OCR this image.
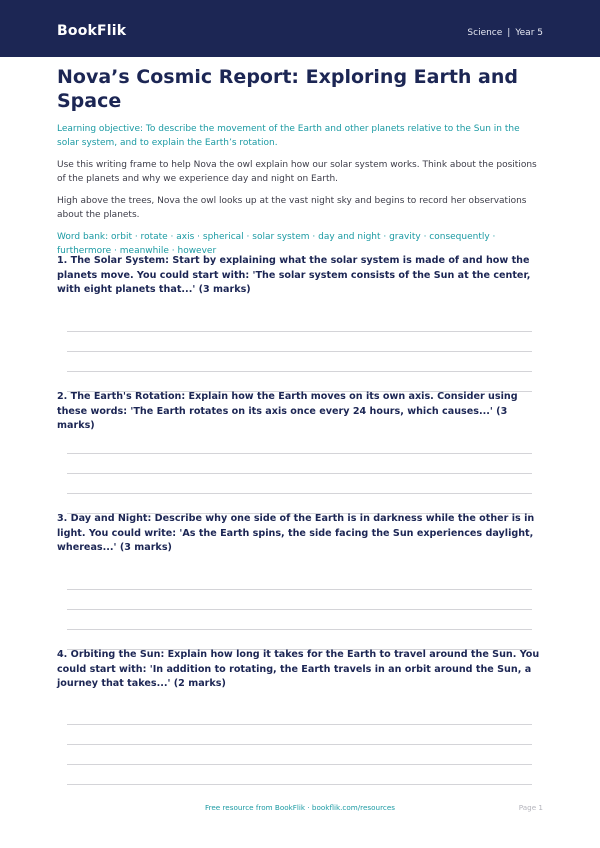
BookFlik	Science | Year 5
Nova’s Cosmic Report: Exploring Earth and Space

Learning objective: To describe the movement of the Earth and other planets relative to the Sun in the solar system, and to explain the Earth’s rotation.

Use this writing frame to help Nova the owl explain how our solar system works. Think about the positions of the planets and why we experience day and night on Earth.

High above the trees, Nova the owl looks up at the vast night sky and begins to record her observations about the planets.

Word bank: orbit · rotate · axis · spherical · solar system · day and night · gravity · consequently · furthermore · meanwhile · however

1. The Solar System: Start by explaining what the solar system is made of and how the planets move. You could start with: 'The solar system consists of the Sun at the center, with eight planets that...' (3 marks)

2. The Earth's Rotation: Explain how the Earth moves on its own axis. Consider using these words: 'The Earth rotates on its axis once every 24 hours, which causes...' (3 marks)

3. Day and Night: Describe why one side of the Earth is in darkness while the other is in light. You could write: 'As the Earth spins, the side facing the Sun experiences daylight, whereas...' (3 marks)

4. Orbiting the Sun: Explain how long it takes for the Earth to travel around the Sun. You could start with: 'In addition to rotating, the Earth travels in an orbit around the Sun, a journey that takes...' (2 marks)

Free resource from BookFlik · bookflik.com/resources	Page 1
